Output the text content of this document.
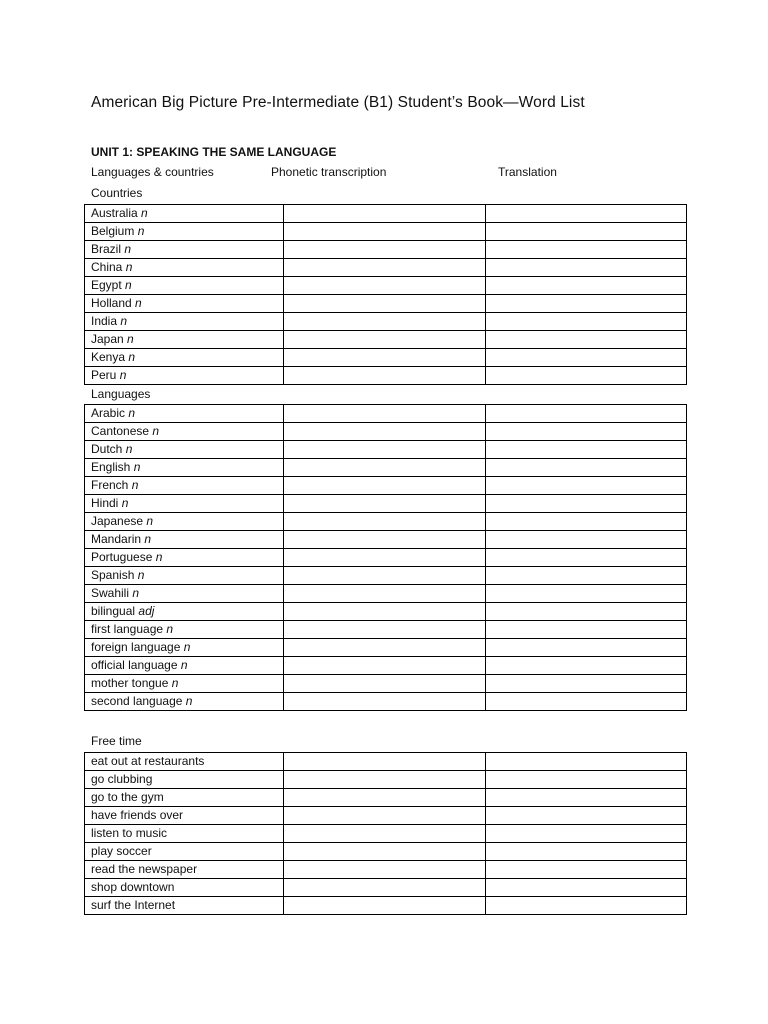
American Big Picture Pre-Intermediate (B1) Student’s Book—Word List
UNIT 1: SPEAKING THE SAME LANGUAGE
Languages & countries	Phonetic transcription	Translation
Countries
Australia n		
Belgium n		
Brazil n		
China n		
Egypt n		
Holland n		
India n		
Japan n		
Kenya n		
Peru n		
Languages
Arabic n		
Cantonese n		
Dutch n		
English n		
French n		
Hindi n		
Japanese n		
Mandarin n		
Portuguese n		
Spanish n		
Swahili n		
bilingual adj		
first language n		
foreign language n		
official language n		
mother tongue n		
second language n		
Free time
eat out at restaurants		
go clubbing		
go to the gym		
have friends over		
listen to music		
play soccer		
read the newspaper		
shop downtown		
surf the Internet		
